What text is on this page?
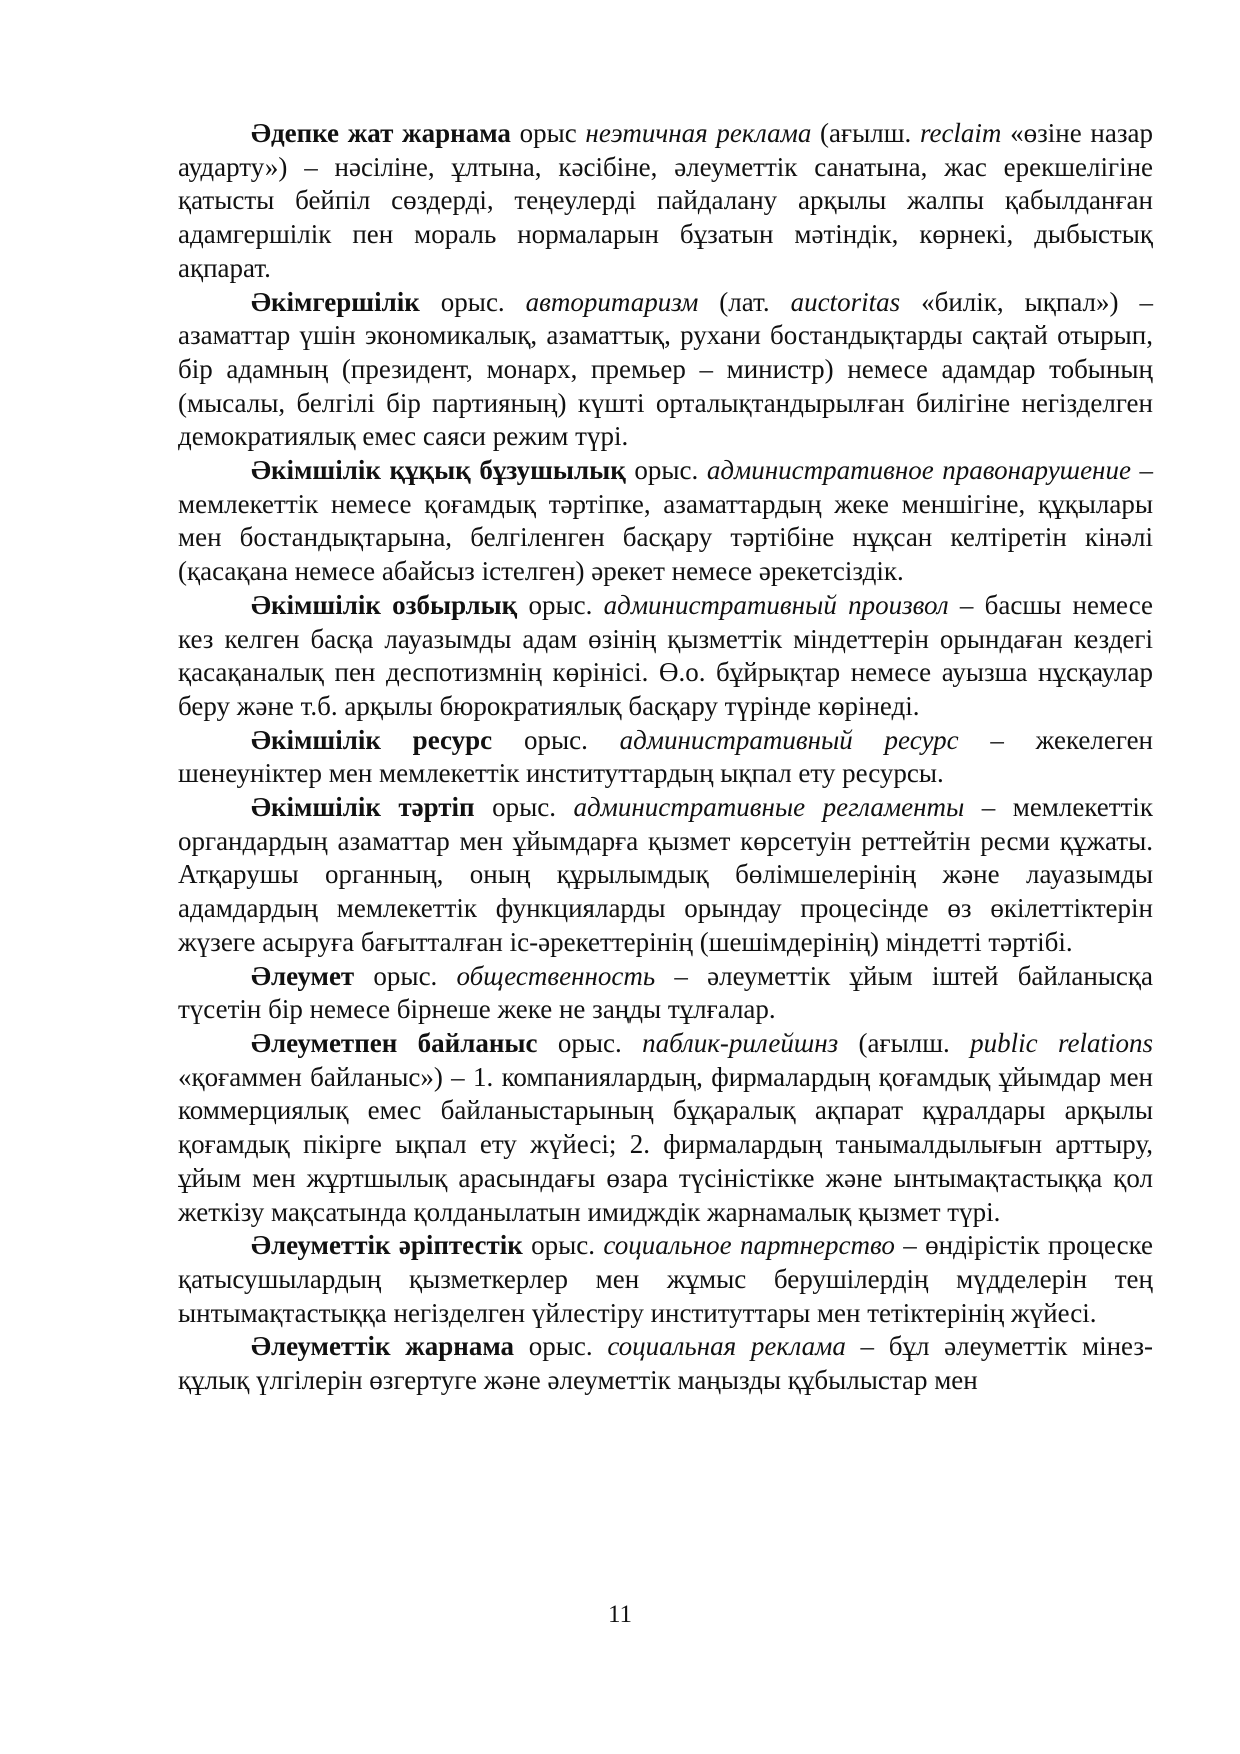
Әдепке жат жарнама орыс неэтичная реклама (ағылш. reclaim «өзіне назар аударту») – нәсіліне, ұлтына, кәсібіне, әлеуметтік санатына, жас ерекшелігіне қатысты бейпіл сөздерді, теңеулерді пайдалану арқылы жалпы қабылданған адамгершілік пен мораль нормаларын бұзатын мәтіндік, көрнекі, дыбыстық ақпарат.

Әкімгершілік орыс. авторитаризм (лат. auctoritas «билік, ықпал») – азаматтар үшін экономикалық, азаматтық, рухани бостандықтарды сақтай отырып, бір адамның (президент, монарх, премьер – министр) немесе адамдар тобының (мысалы, белгілі бір партияның) күшті орталықтандырылған билігіне негізделген демократиялық емес саяси режим түрі.

Әкімшілік құқық бұзушылық орыс. административное правонарушение – мемлекеттік немесе қоғамдық тәртіпке, азаматтардың жеке меншігіне, құқылары мен бостандықтарына, белгіленген басқару тәртібіне нұқсан келтіретін кінәлі (қасақана немесе абайсыз істелген) әрекет немесе әрекетсіздік.

Әкімшілік озбырлық орыс. административный произвол – басшы немесе кез келген басқа лауазымды адам өзінің қызметтік міндеттерін орындаған кездегі қасақаналық пен деспотизмнің көрінісі. Ө.о. бұйрықтар немесе ауызша нұсқаулар беру және т.б. арқылы бюрократиялық басқару түрінде көрінеді.

Әкімшілік ресурс орыс. административный ресурс – жекелеген шенеуніктер мен мемлекеттік институттардың ықпал ету ресурсы.

Әкімшілік тәртіп орыс. административные регламенты – мемлекеттік органдардың азаматтар мен ұйымдарға қызмет көрсетуін реттейтін ресми құжаты. Атқарушы органның, оның құрылымдық бөлімшелерінің және лауазымды адамдардың мемлекеттік функцияларды орындау процесінде өз өкілеттіктерін жүзеге асыруға бағытталған іс-әрекеттерінің (шешімдерінің) міндетті тәртібі.

Әлеумет орыс. общественность – әлеуметтік ұйым іштей байланысқа түсетін бір немесе бірнеше жеке не заңды тұлғалар.

Әлеуметпен байланыс орыс. паблик-рилейшнз (ағылш. public relations «қоғаммен байланыс») – 1. компаниялардың, фирмалардың қоғамдық ұйымдар мен коммерциялық емес байланыстарының бұқаралық ақпарат құралдары арқылы қоғамдық пікірге ықпал ету жүйесі; 2. фирмалардың танымалдылығын арттыру, ұйым мен жұртшылық арасындағы өзара түсіністікке және ынтымақтастыққа қол жеткізу мақсатында қолданылатын имидждік жарнамалық қызмет түрі.

Әлеуметтік әріптестік орыс. социальное партнерство – өндірістік процеске қатысушылардың қызметкерлер мен жұмыс берушілердің мүдделерін тең ынтымақтастыққа негізделген үйлестіру институттары мен тетіктерінің жүйесі.

Әлеуметтік жарнама орыс. социальная реклама – бұл әлеуметтік мінез-құлық үлгілерін өзгертуге және әлеуметтік маңызды құбылыстар мен

11
